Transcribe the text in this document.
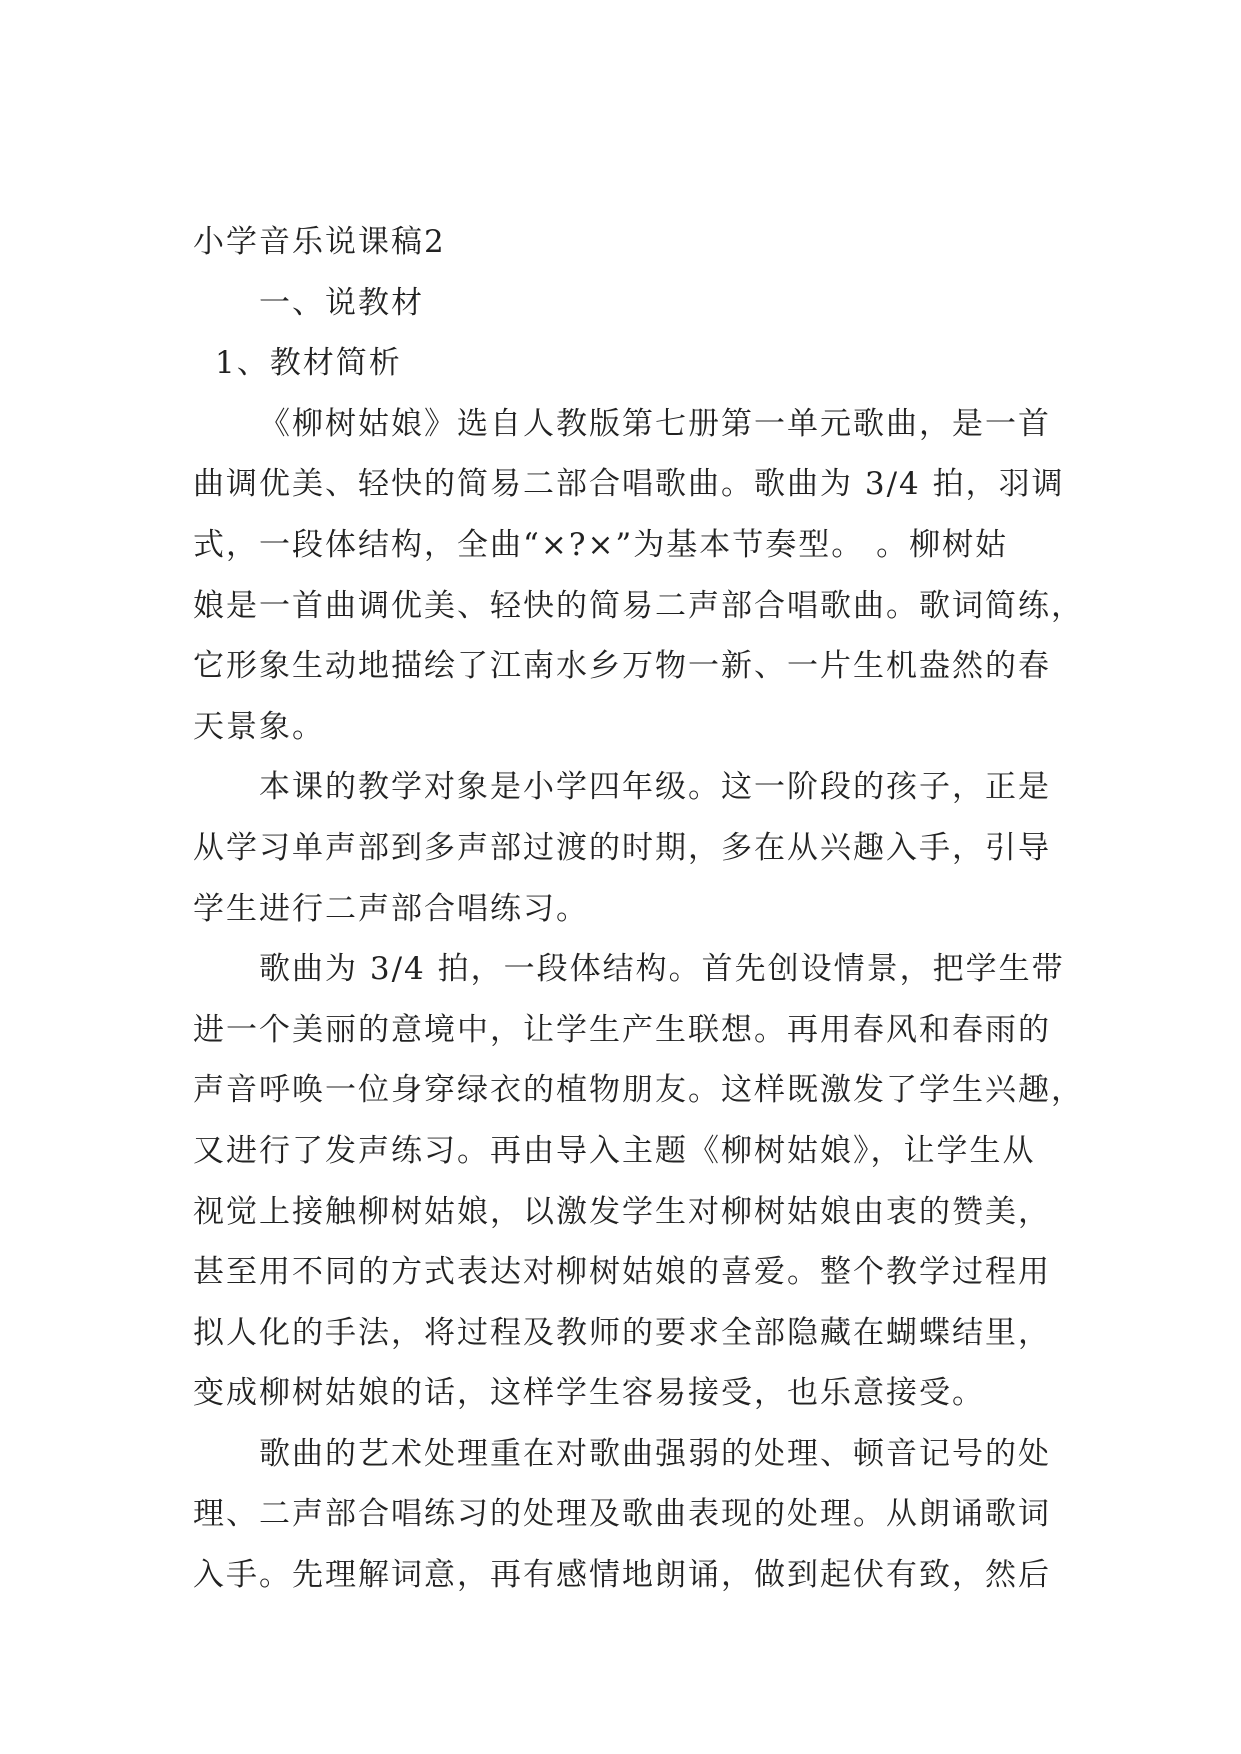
小学音乐说课稿2
一、说教材
1、教材简析
《柳树姑娘》选自人教版第七册第一单元歌曲，是一首
曲调优美、轻快的简易二部合唱歌曲。歌曲为 3/4 拍，羽调
式，一段体结构，全曲“×?×”为基本节奏型。 。柳树姑
娘是一首曲调优美、轻快的简易二声部合唱歌曲。歌词简练，
它形象生动地描绘了江南水乡万物一新、一片生机盎然的春
天景象。
本课的教学对象是小学四年级。这一阶段的孩子，正是
从学习单声部到多声部过渡的时期，多在从兴趣入手，引导
学生进行二声部合唱练习。
歌曲为 3/4 拍，一段体结构。首先创设情景，把学生带
进一个美丽的意境中，让学生产生联想。再用春风和春雨的
声音呼唤一位身穿绿衣的植物朋友。这样既激发了学生兴趣，
又进行了发声练习。再由导入主题《柳树姑娘》，让学生从
视觉上接触柳树姑娘，以激发学生对柳树姑娘由衷的赞美，
甚至用不同的方式表达对柳树姑娘的喜爱。整个教学过程用
拟人化的手法，将过程及教师的要求全部隐藏在蝴蝶结里，
变成柳树姑娘的话，这样学生容易接受，也乐意接受。
歌曲的艺术处理重在对歌曲强弱的处理、顿音记号的处
理、二声部合唱练习的处理及歌曲表现的处理。从朗诵歌词
入手。先理解词意，再有感情地朗诵，做到起伏有致，然后
